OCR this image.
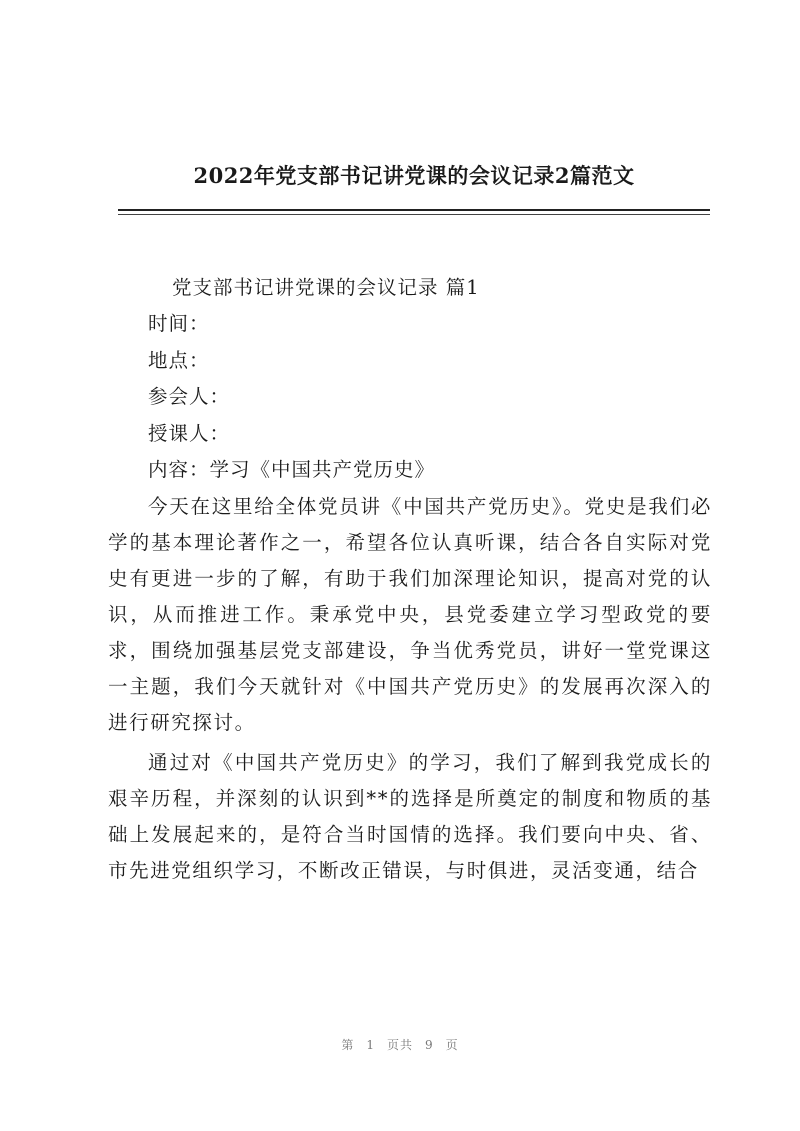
2022年党支部书记讲党课的会议记录2篇范文
党支部书记讲党课的会议记录 篇1

时间：

地点：

参会人：

授课人：

内容：学习《中国共产党历史》

今天在这里给全体党员讲《中国共产党历史》。党史是我们必学的基本理论著作之一，希望各位认真听课，结合各自实际对党史有更进一步的了解，有助于我们加深理论知识，提高对党的认识，从而推进工作。秉承党中央，县党委建立学习型政党的要求，围绕加强基层党支部建设，争当优秀党员，讲好一堂党课这一主题，我们今天就针对《中国共产党历史》的发展再次深入的进行研究探讨。

通过对《中国共产党历史》的学习，我们了解到我党成长的艰辛历程，并深刻的认识到**的选择是所奠定的制度和物质的基础上发展起来的，是符合当时国情的选择。我们要向中央、省、市先进党组织学习，不断改正错误，与时俱进，灵活变通，结合

第 1 页共 9 页
